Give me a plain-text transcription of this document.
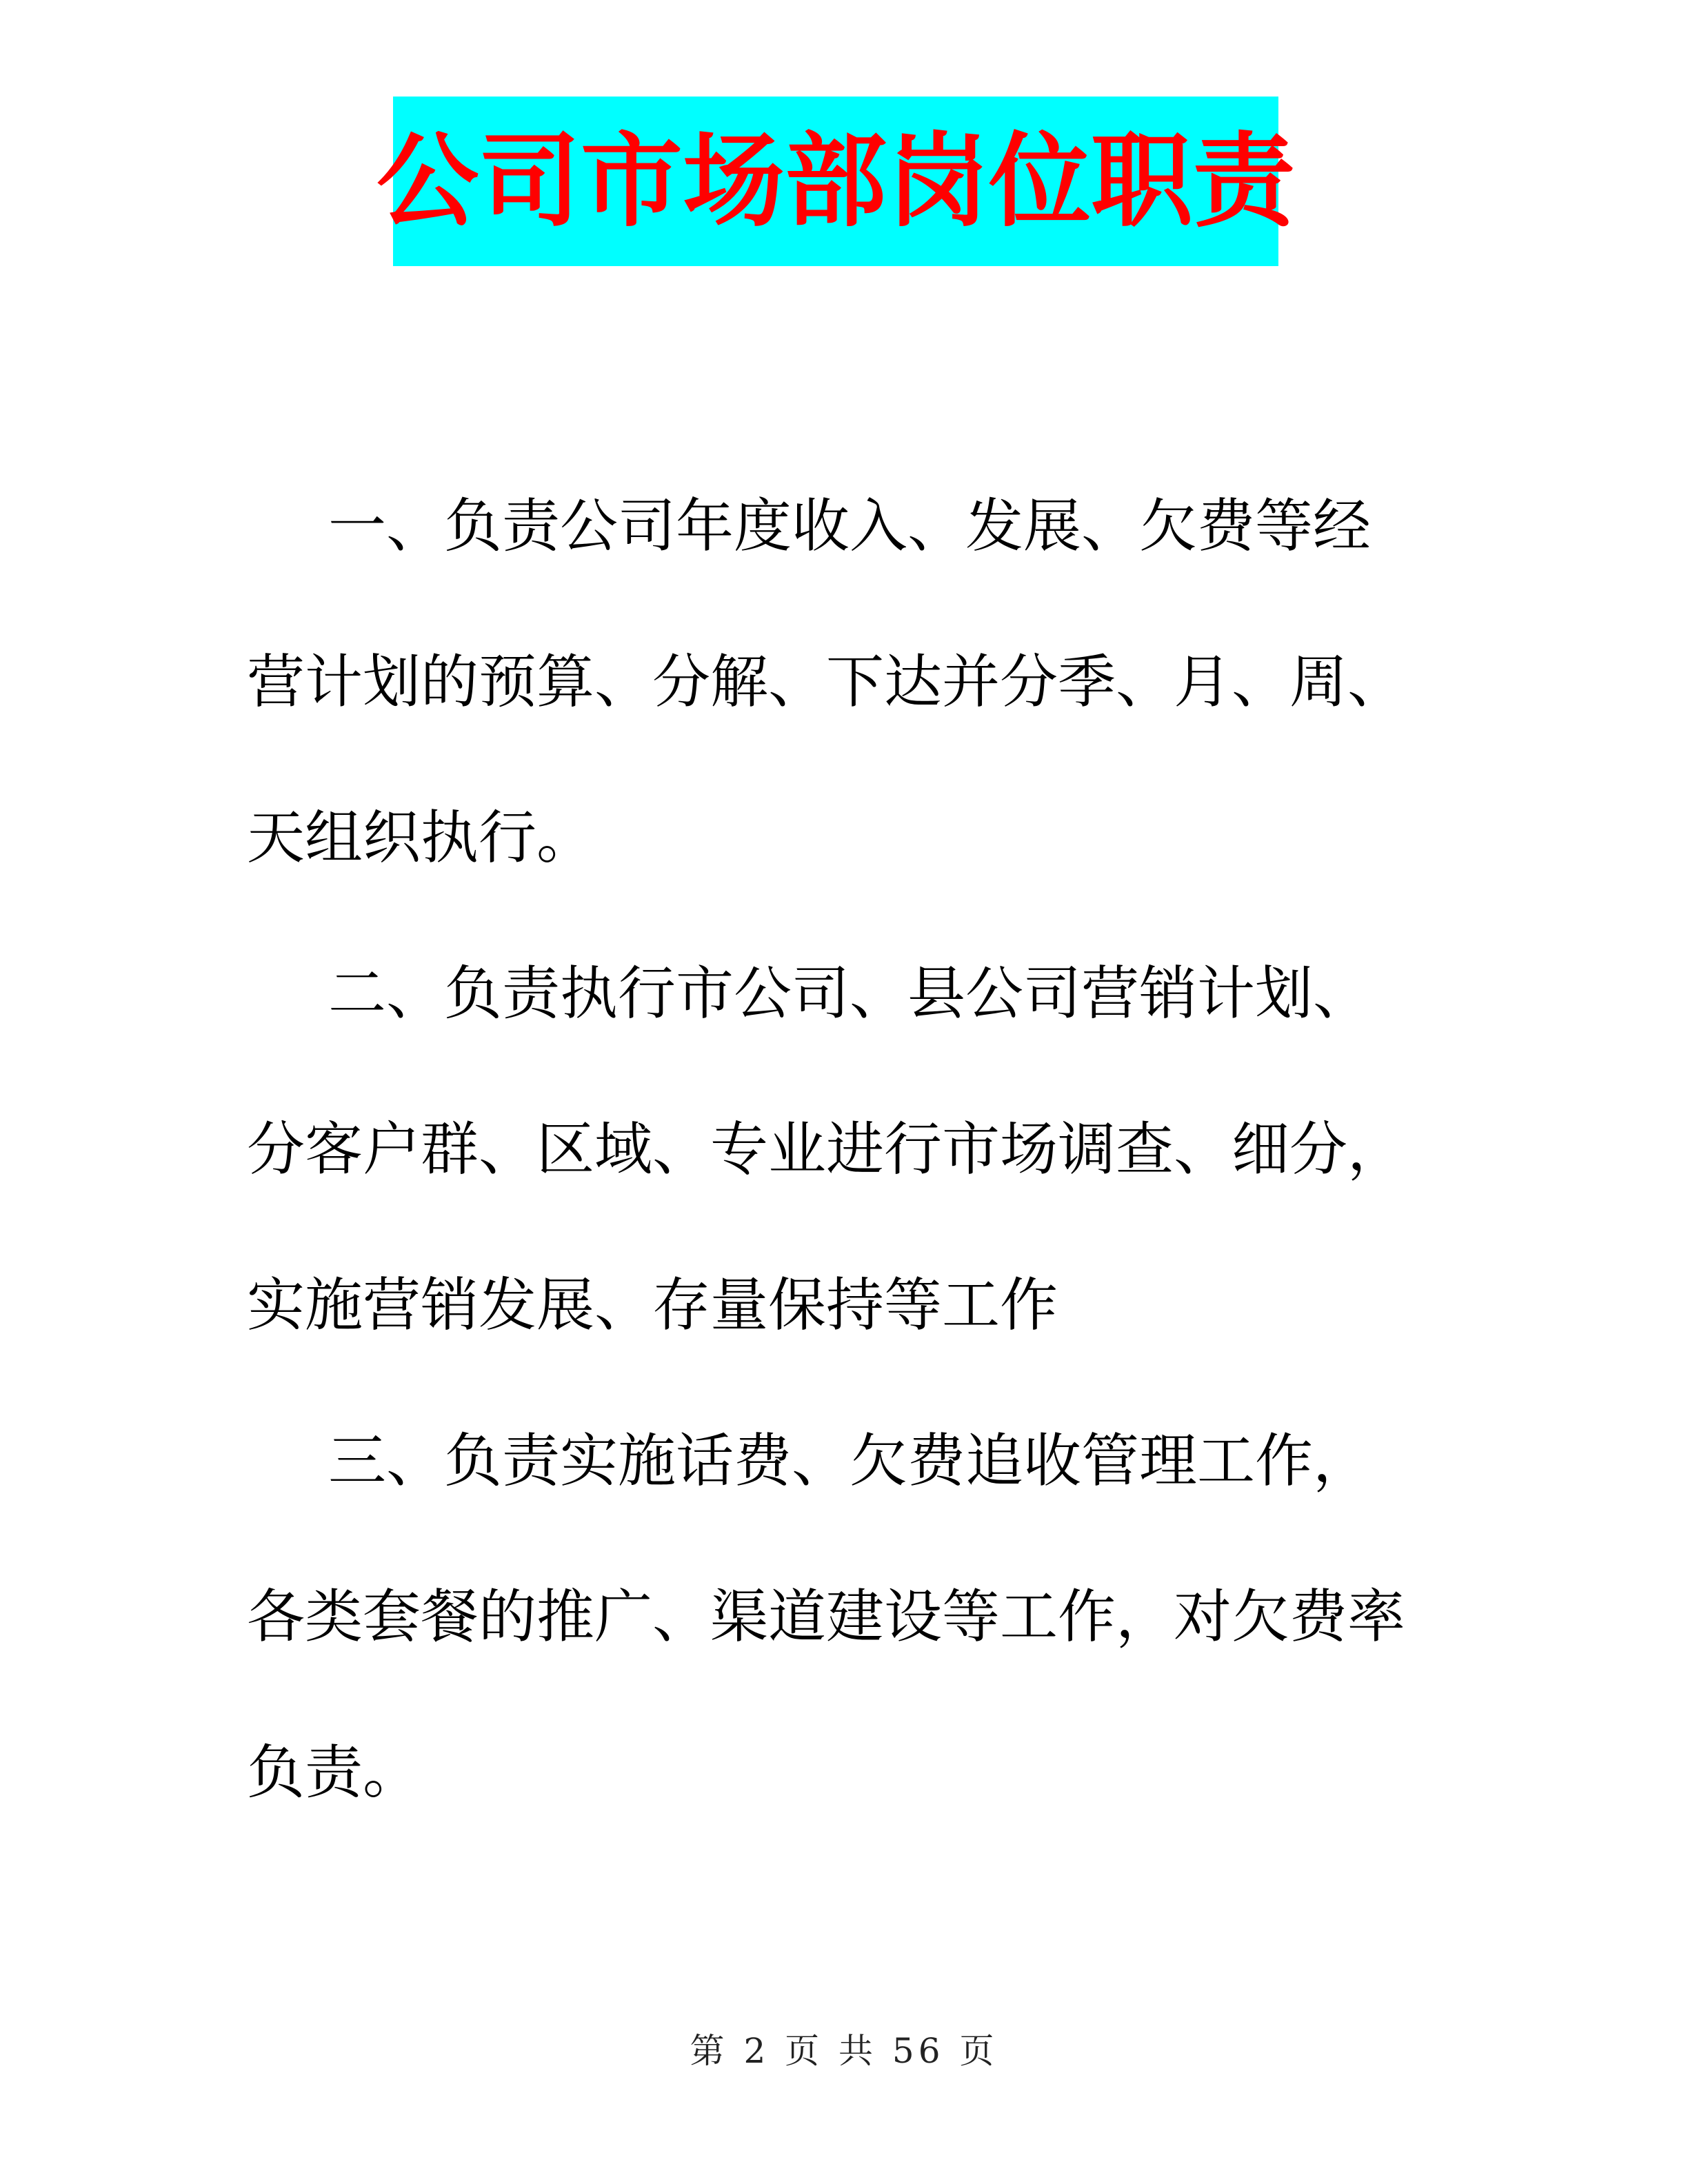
公司市场部岗位职责

一、负责公司年度收入、发展、欠费等经营计划的预算、分解、下达并分季、月、周、天组织执行。

二、负责执行市公司、县公司营销计划、分客户群、区域、专业进行市场调查、细分，实施营销发展、存量保持等工作

三、负责实施话费、欠费追收管理工作，各类套餐的推广、渠道建设等工作，对欠费率负责。

第 2 页 共 56 页
